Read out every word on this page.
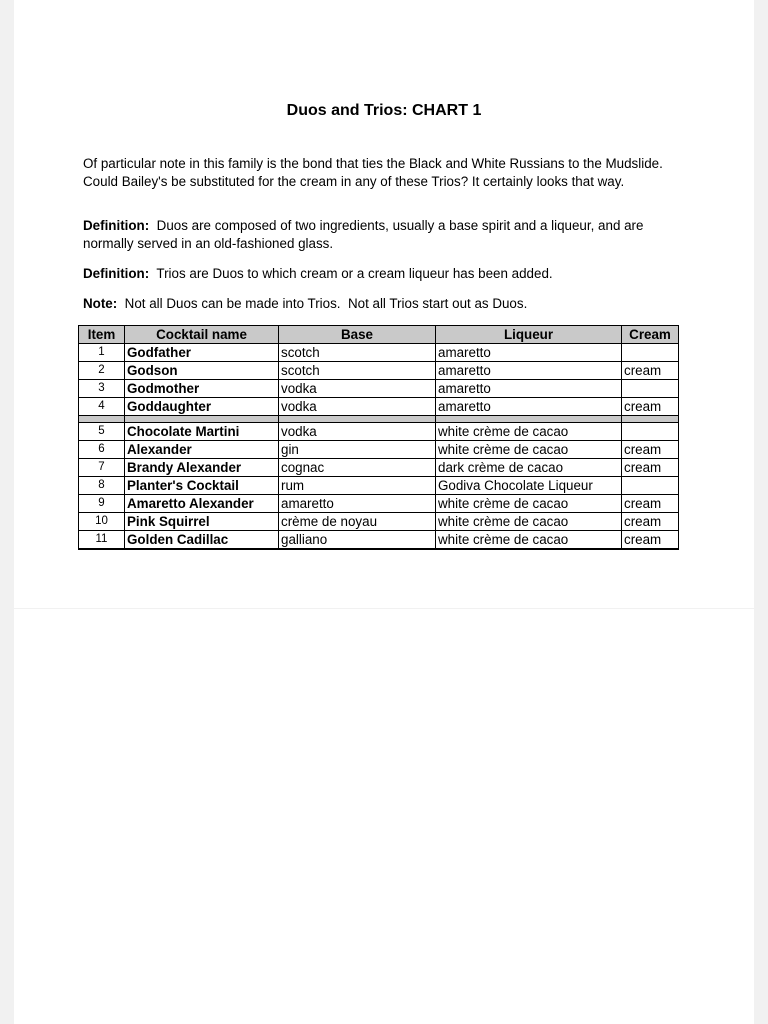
Duos and Trios: CHART 1
Of particular note in this family is the bond that ties the Black and White Russians to the Mudslide. Could Bailey's be substituted for the cream in any of these Trios? It certainly looks that way.
Definition:  Duos are composed of two ingredients, usually a base spirit and a liqueur, and are normally served in an old-fashioned glass.
Definition:  Trios are Duos to which cream or a cream liqueur has been added.
Note:  Not all Duos can be made into Trios.  Not all Trios start out as Duos.
Item	Cocktail name	Base	Liqueur	Cream
1	Godfather	scotch	amaretto	
2	Godson	scotch	amaretto	cream
3	Godmother	vodka	amaretto	
4	Goddaughter	vodka	amaretto	cream

5	Chocolate Martini	vodka	white crème de cacao	
6	Alexander	gin	white crème de cacao	cream
7	Brandy Alexander	cognac	dark crème de cacao	cream
8	Planter's Cocktail	rum	Godiva Chocolate Liqueur	
9	Amaretto Alexander	amaretto	white crème de cacao	cream
10	Pink Squirrel	crème de noyau	white crème de cacao	cream
11	Golden Cadillac	galliano	white crème de cacao	cream
